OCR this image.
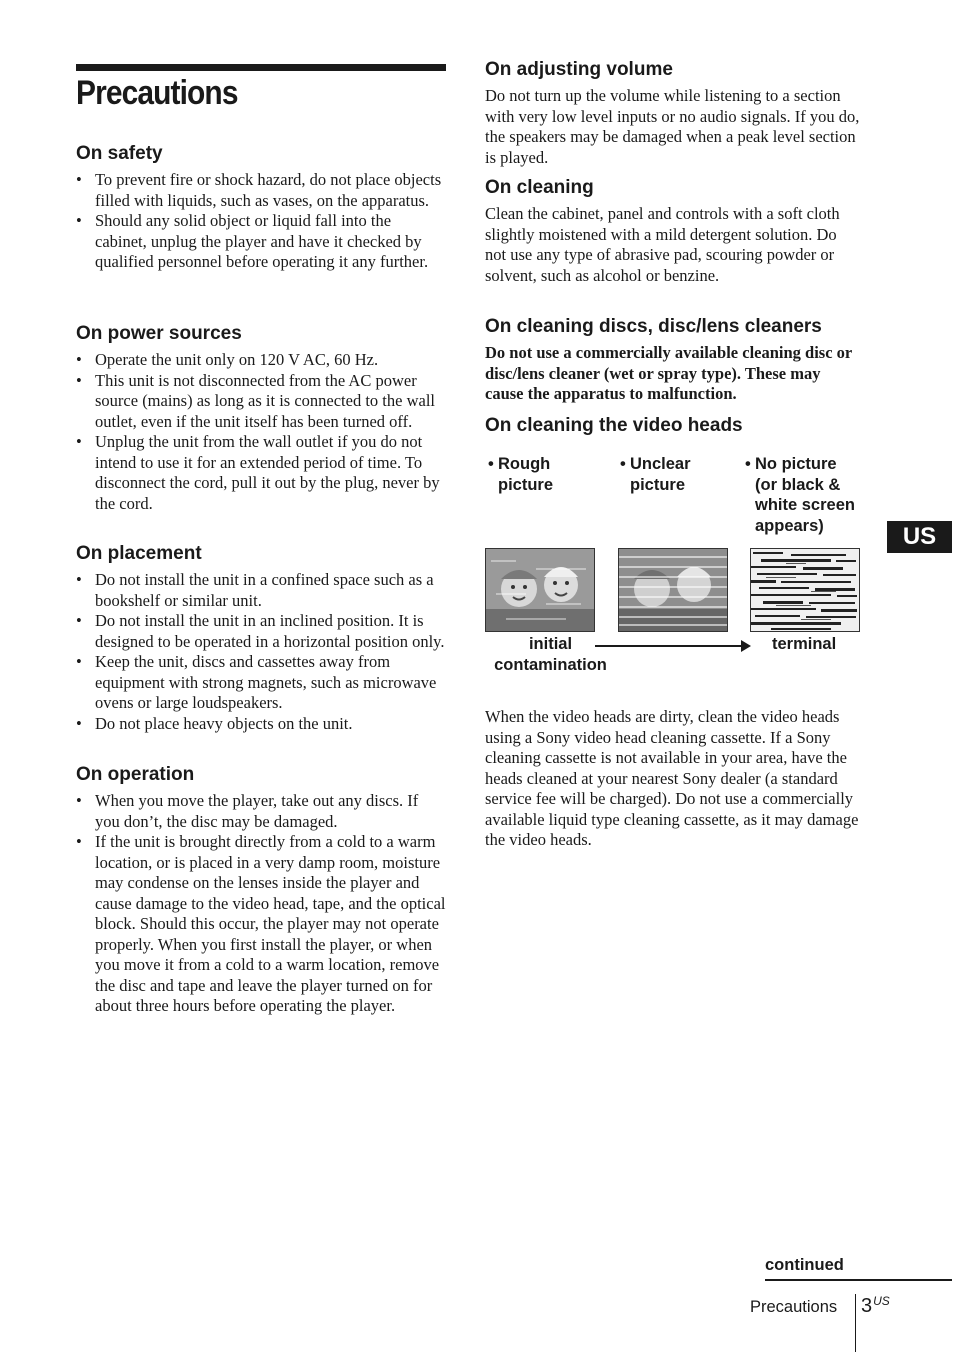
Precautions
On safety
• To prevent fire or shock hazard, do not place objects filled with liquids, such as vases, on the apparatus.
• Should any solid object or liquid fall into the cabinet, unplug the player and have it checked by qualified personnel before operating it any further.
On power sources
• Operate the unit only on 120 V AC, 60 Hz.
• This unit is not disconnected from the AC power source (mains) as long as it is connected to the wall outlet, even if the unit itself has been turned off.
• Unplug the unit from the wall outlet if you do not intend to use it for an extended period of time. To disconnect the cord, pull it out by the plug, never by the cord.
On placement
• Do not install the unit in a confined space such as a bookshelf or similar unit.
• Do not install the unit in an inclined position. It is designed to be operated in a horizontal position only.
• Keep the unit, discs and cassettes away from equipment with strong magnets, such as microwave ovens or large loudspeakers.
• Do not place heavy objects on the unit.
On operation
• When you move the player, take out any discs. If you don’t, the disc may be damaged.
• If the unit is brought directly from a cold to a warm location, or is placed in a very damp room, moisture may condense on the lenses inside the player and cause damage to the video head, tape, and the optical block. Should this occur, the player may not operate properly. When you first install the player, or when you move it from a cold to a warm location, remove the disc and tape and leave the player turned on for about three hours before operating the player.
On adjusting volume

Do not turn up the volume while listening to a section with very low level inputs or no audio signals. If you do, the speakers may be damaged when a peak level section is played.

On cleaning

Clean the cabinet, panel and controls with a soft cloth slightly moistened with a mild detergent solution. Do not use any type of abrasive pad, scouring powder or solvent, such as alcohol or benzine.

On cleaning discs, disc/lens cleaners

Do not use a commercially available cleaning disc or disc/lens cleaner (wet or spray type). These may cause the apparatus to malfunction.

On cleaning the video heads
• Rough
picture
• Unclear
picture
• No picture
(or black &
white screen
appears)
initial
contamination
terminal

When the video heads are dirty, clean the video heads using a Sony video head cleaning cassette. If a Sony cleaning cassette is not available in your area, have the heads cleaned at your nearest Sony dealer (a standard service fee will be charged). Do not use a commercially available liquid type cleaning cassette, as it may damage the video heads.

US
continued
Precautions $3^{US}$
